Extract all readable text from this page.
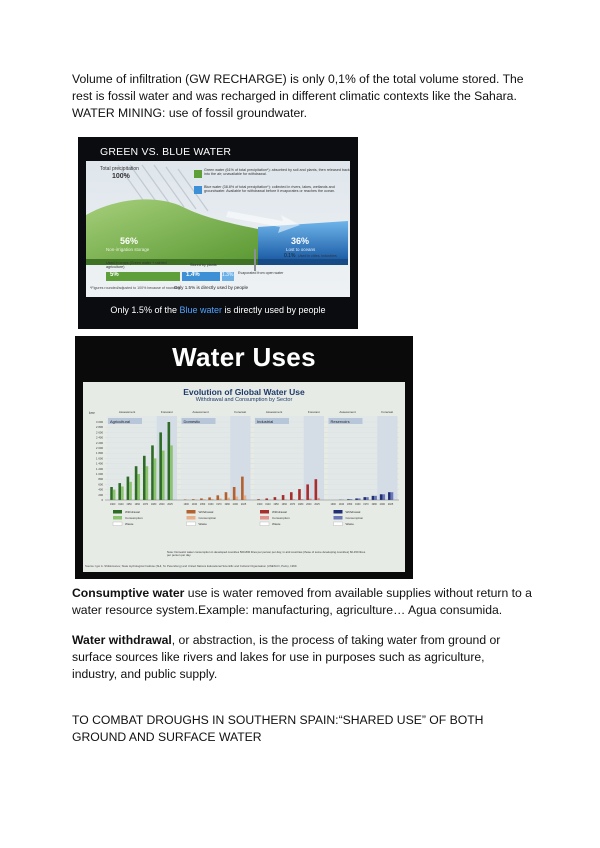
Volume of infiltration (GW RECHARGE) is only 0,1% of the total volume stored. The rest is fossil water and was recharged in different climatic contexts like the Sahara. WATER MINING: use of fossil groundwater.

GREEN VS. BLUE WATER
Total precipitation
100%
Green water (61% of total precipitation*): absorbed by soil and plants, then released back into the air; unavailable for withdrawal.
Blue water (38.8% of total precipitation*): collected in rivers, lakes, wetlands and groundwater. Available for withdrawal before it evaporates or reaches the ocean.
56%
Non-irrigation storage
36%
Lost to oceans
0.1% Used in cities, industries
Used in crops (Green water + rainfed agriculture)
5%
Stored by plants
1.4%	1.3% Evaporated from open water
*Figures rounded/adjusted to 100% because of rounding
Only 1.5% is directly used by people
Only 1.5% of the Blue water is directly used by people
Water Uses
Evolution of Global Water Use
Withdrawal and Consumption by Sector
km³
0
200
400
600
800
1 000
1 200
1 400
1 600
1 800
2 000
2 200
2 400
2 600
2 800
3 000
Assessment	Forecast
Agricultural
1900 1940 1950 1960 1970 1980 2000 2025
Withdrawal
Consumption
Waste
Assessment	Forecast
Domestic
1900 1940 1950 1960 1970 1980 2000 2025
Withdrawal
Consumption
Waste
Assessment	Forecast
Industrial
1900 1940 1950 1960 1970 1980 2000 2025
Withdrawal
Consumption
Waste
Assessment	Forecast
Reservoirs
1900 1940 1950 1960 1970 1980 2000 2025
Withdrawal
Consumption
Waste
Note: Domestic water consumption in developed countries 500-800 litres per person per day; in arid countries (those of some developing countries) 60-150 litres per person per day.
Source: Igor A. Shiklomanov, State Hydrological Institute (SHI, St. Petersburg) and United Nations Educational Scientific and Cultural Organisation (UNESCO, Paris), 1999.

Consumptive water use is water removed from available supplies without return to a water resource system.Example: manufacturing, agriculture… Agua consumida.

Water withdrawal, or abstraction, is the process of taking water from ground or surface sources like rivers and lakes for use in purposes such as agriculture, industry, and public supply.

TO COMBAT DROUGHS IN SOUTHERN SPAIN:“SHARED USE” OF BOTH GROUND AND SURFACE WATER
